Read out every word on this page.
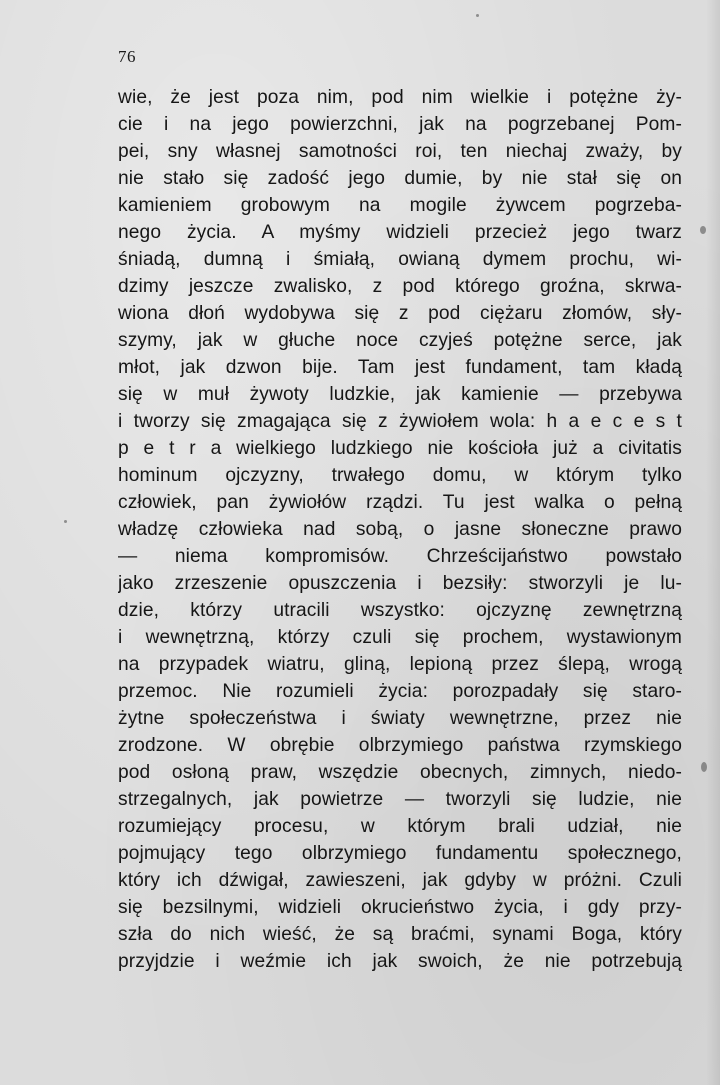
76
wie, że jest poza nim, pod nim wielkie i potężne ży-
cie i na jego powierzchni, jak na pogrzebanej Pom-
pei, sny własnej samotności roi, ten niechaj zważy, by
nie stało się zadość jego dumie, by nie stał się on
kamieniem grobowym na mogile żywcem pogrzeba-
nego życia. A myśmy widzieli przecież jego twarz
śniadą, dumną i śmiałą, owianą dymem prochu, wi-
dzimy jeszcze zwalisko, z pod którego groźna, skrwa-
wiona dłoń wydobywa się z pod ciężaru złomów, sły-
szymy, jak w głuche noce czyjeś potężne serce, jak
młot, jak dzwon bije. Tam jest fundament, tam kładą
się w muł żywoty ludzkie, jak kamienie — przebywa
i tworzy się zmagająca się z żywiołem wola: h a e c e s t
p e t r a wielkiego ludzkiego nie kościoła już a civitatis
hominum ojczyzny, trwałego domu, w którym tylko
człowiek, pan żywiołów rządzi. Tu jest walka o pełną
władzę człowieka nad sobą, o jasne słoneczne prawo
— niema kompromisów. Chrześcijaństwo powstało
jako zrzeszenie opuszczenia i bezsiły: stworzyli je lu-
dzie, którzy utracili wszystko: ojczyznę zewnętrzną
i wewnętrzną, którzy czuli się prochem, wystawionym
na przypadek wiatru, gliną, lepioną przez ślepą, wrogą
przemoc. Nie rozumieli życia: porozpadały się staro-
żytne społeczeństwa i światy wewnętrzne, przez nie
zrodzone. W obrębie olbrzymiego państwa rzymskiego
pod osłoną praw, wszędzie obecnych, zimnych, niedo-
strzegalnych, jak powietrze — tworzyli się ludzie, nie
rozumiejący procesu, w którym brali udział, nie
pojmujący tego olbrzymiego fundamentu społecznego,
który ich dźwigał, zawieszeni, jak gdyby w próżni. Czuli
się bezsilnymi, widzieli okrucieństwo życia, i gdy przy-
szła do nich wieść, że są braćmi, synami Boga, który
przyjdzie i weźmie ich jak swoich, że nie potrzebują
